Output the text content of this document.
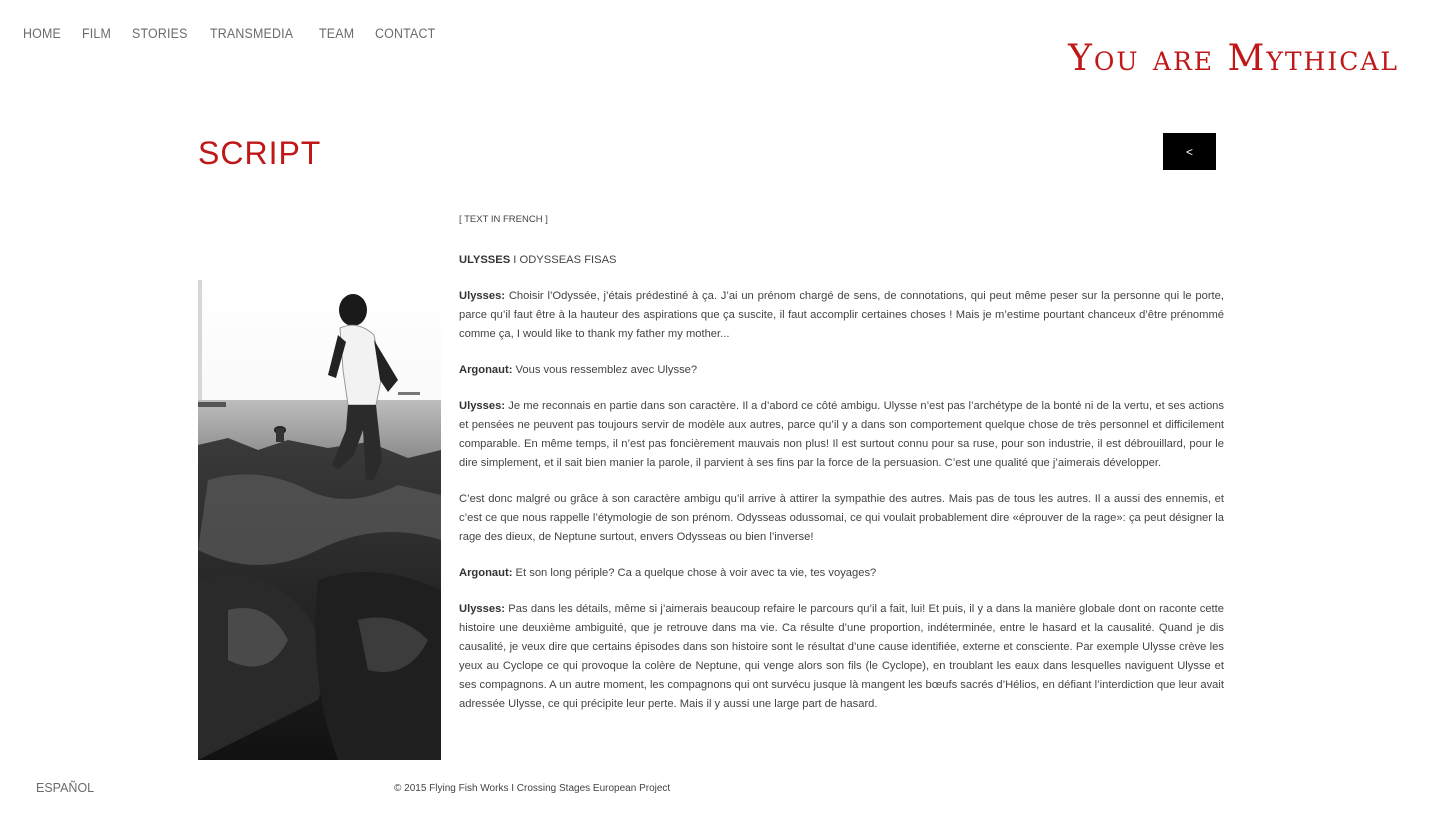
HOME FILM STORIES TRANSMEDIA TEAM CONTACT
You are Mythical
SCRIPT	<

[ TEXT IN FRENCH ]

ULYSSES I ODYSSEAS FISAS

Ulysses: Choisir l’Odyssée, j’étais prédestiné à ça. J’ai un prénom chargé de sens, de connotations, qui peut même peser sur la personne qui le porte, parce qu’il faut être à la hauteur des aspirations que ça suscite, il faut accomplir certaines choses ! Mais je m’estime pourtant chanceux d’être prénommé comme ça, I would like to thank my father my mother...

Argonaut: Vous vous ressemblez avec Ulysse?

Ulysses: Je me reconnais en partie dans son caractère. Il a d’abord ce côté ambigu. Ulysse n’est pas l’archétype de la bonté ni de la vertu, et ses actions et pensées ne peuvent pas toujours servir de modèle aux autres, parce qu’il y a dans son comportement quelque chose de très personnel et difficilement comparable. En même temps, il n’est pas foncièrement mauvais non plus! Il est surtout connu pour sa ruse, pour son industrie, il est débrouillard, pour le dire simplement, et il sait bien manier la parole, il parvient à ses fins par la force de la persuasion. C’est une qualité que j’aimerais développer.

C’est donc malgré ou grâce à son caractère ambigu qu’il arrive à attirer la sympathie des autres. Mais pas de tous les autres. Il a aussi des ennemis, et c’est ce que nous rappelle l’étymologie de son prénom. Odysseas odussomai, ce qui voulait probablement dire «éprouver de la rage»: ça peut désigner la rage des dieux, de Neptune surtout, envers Odysseas ou bien l’inverse!

Argonaut: Et son long périple? Ca a quelque chose à voir avec ta vie, tes voyages?

Ulysses: Pas dans les détails, même si j’aimerais beaucoup refaire le parcours qu’il a fait, lui! Et puis, il y a dans la manière globale dont on raconte cette histoire une deuxième ambiguité, que je retrouve dans ma vie. Ca résulte d’une proportion, indéterminée, entre le hasard et la causalité. Quand je dis causalité, je veux dire que certains épisodes dans son histoire sont le résultat d’une cause identifiée, externe et consciente. Par exemple Ulysse crève les yeux au Cyclope ce qui provoque la colère de Neptune, qui venge alors son fils (le Cyclope), en troublant les eaux dans lesquelles naviguent Ulysse et ses compagnons. A un autre moment, les compagnons qui ont survécu jusque là mangent les bœufs sacrés d’Hélios, en défiant l’interdiction que leur avait adressée Ulysse, ce qui précipite leur perte. Mais il y aussi une large part de hasard.

ESPAÑOL	© 2015 Flying Fish Works I Crossing Stages European Project
